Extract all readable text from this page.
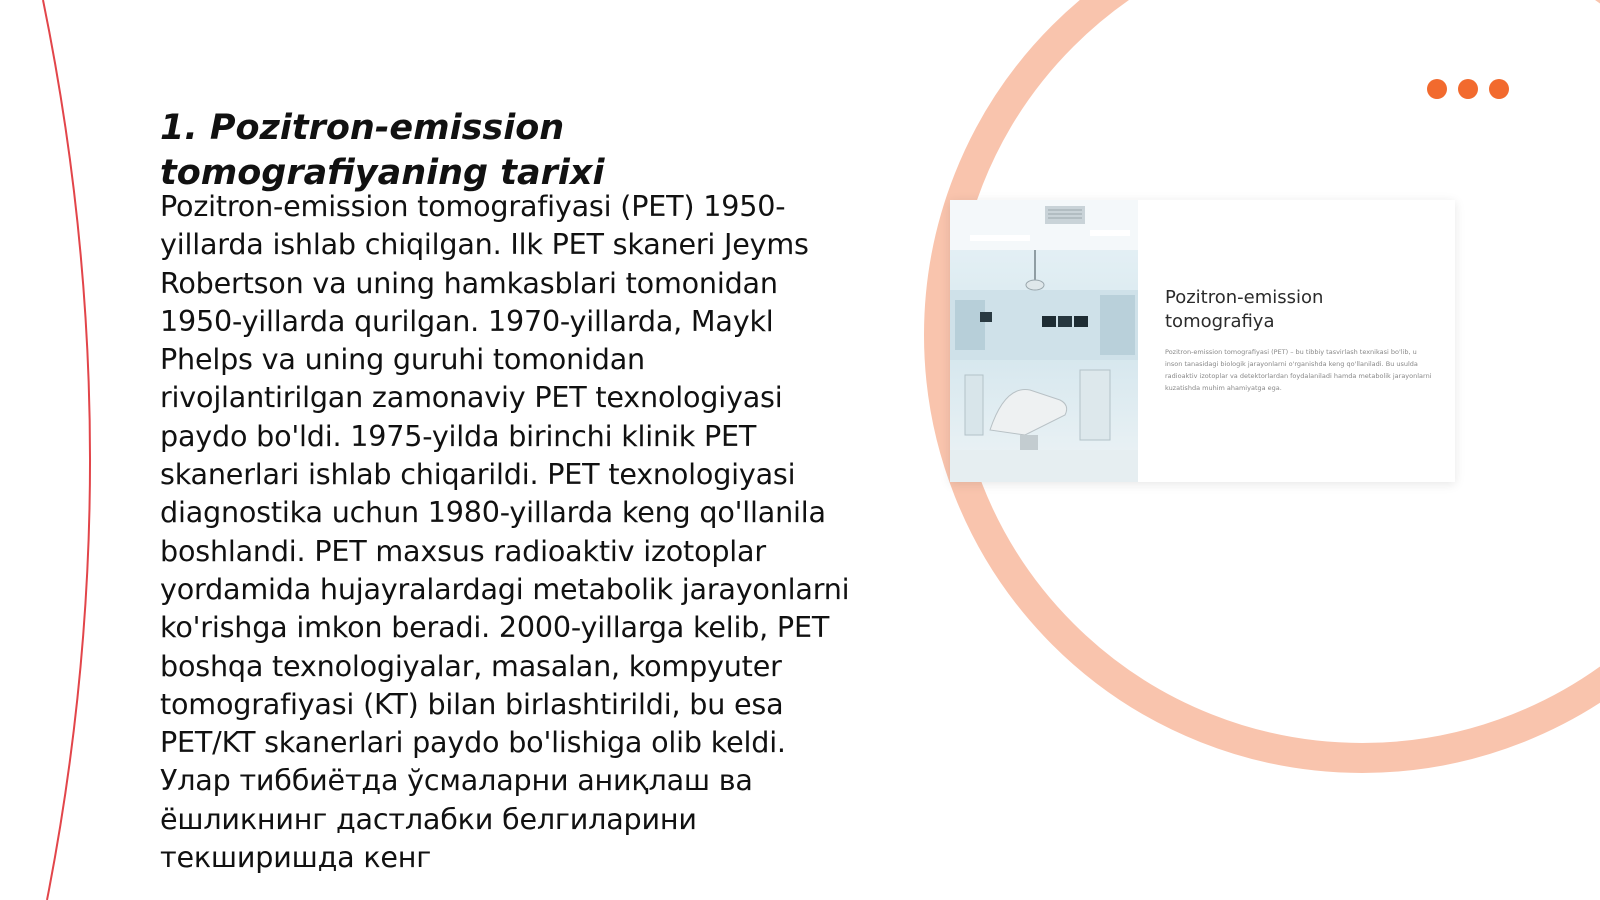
1. Pozitron-emission tomografiyaning tarixi

Pozitron-emission tomografiyasi (PET) 1950-yillarda ishlab chiqilgan. Ilk PET skaneri Jeyms Robertson va uning hamkasblari tomonidan 1950-yillarda qurilgan. 1970-yillarda, Maykl Phelps va uning guruhi tomonidan rivojlantirilgan zamonaviy PET texnologiyasi paydo bo'ldi. 1975-yilda birinchi klinik PET skanerlari ishlab chiqarildi. PET texnologiyasi diagnostika uchun 1980-yillarda keng qo'llanila boshlandi. PET maxsus radioaktiv izotoplar yordamida hujayralardagi metabolik jarayonlarni ko'rishga imkon beradi. 2000-yillarga kelib, PET boshqa texnologiyalar, masalan, kompyuter tomografiyasi (KT) bilan birlashtirildi, bu esa PET/KT skanerlari paydo bo'lishiga olib keldi. Улар тиббиётда ўсмаларни аниқлаш ва ёшликнинг дастлабки белгиларини текширишда кенг

Pozitron-emission tomografiya

Pozitron-emission tomografiyasi (PET) – bu tibbiy tasvirlash texnikasi bo'lib, u inson tanasidagi biologik jarayonlarni o'rganishda keng qo'llaniladi. Bu usulda radioaktiv izotoplar va detektorlardan foydalaniladi hamda metabolik jarayonlarni kuzatishda muhim ahamiyatga ega.
